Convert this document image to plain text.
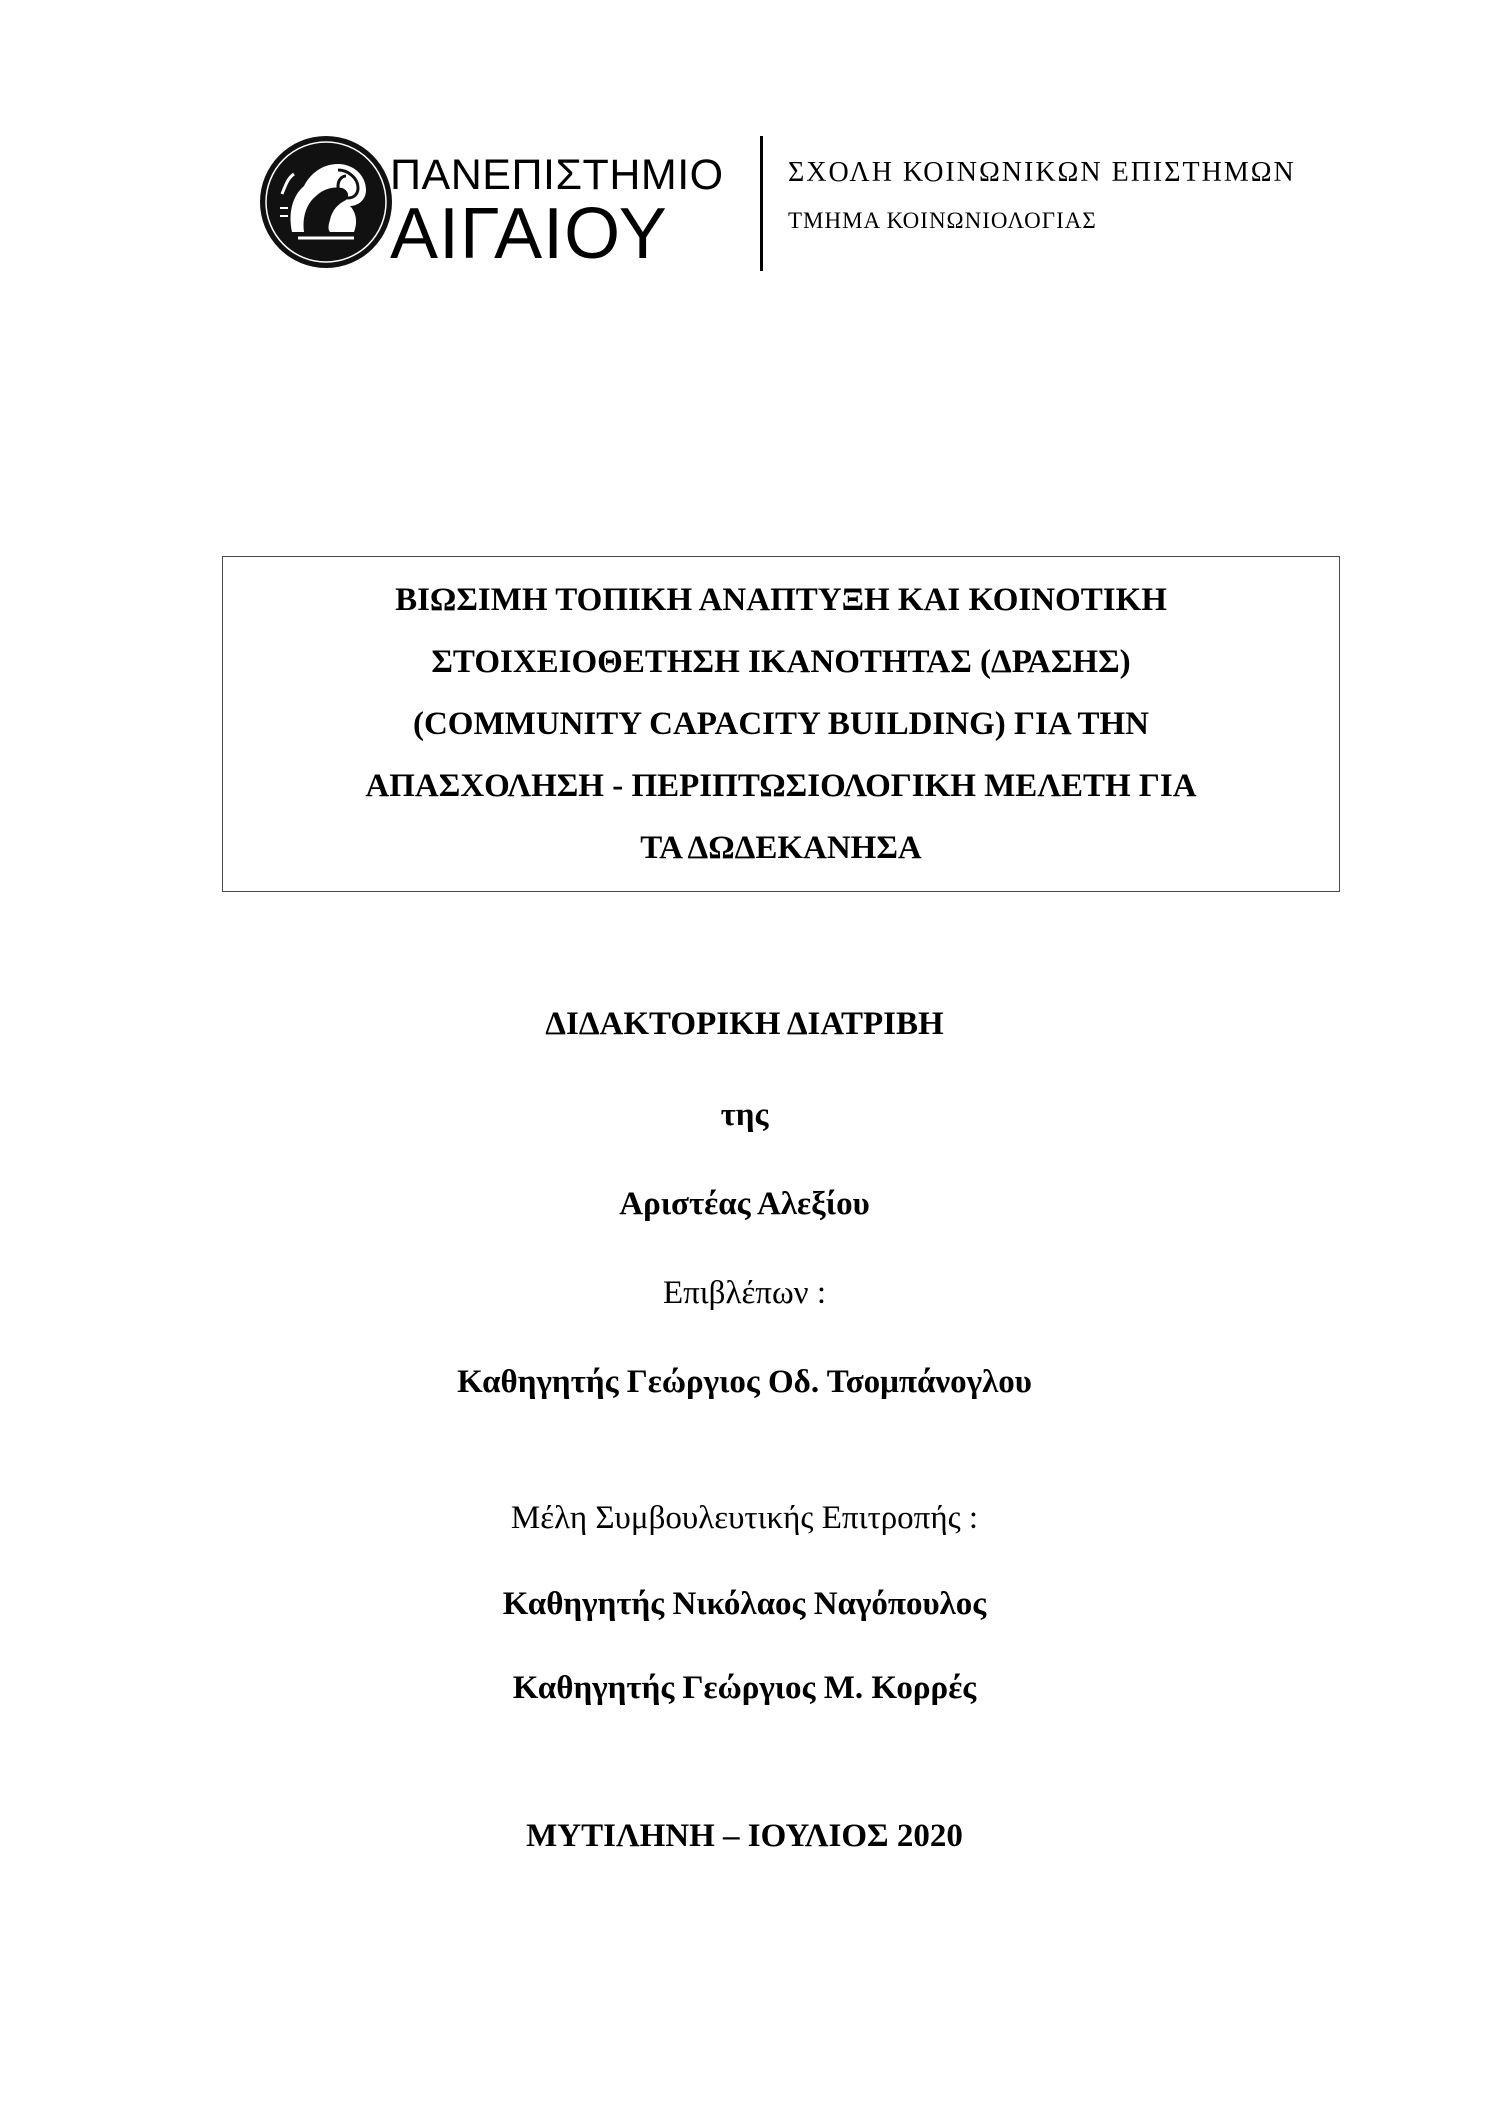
ΠΑΝΕΠΙΣΤΗΜΙΟ
ΑΙΓΑΙΟΥ
ΣΧΟΛΗ ΚΟΙΝΩΝΙΚΩΝ ΕΠΙΣΤΗΜΩΝ
ΤΜΗΜΑ ΚΟΙΝΩΝΙΟΛΟΓΙΑΣ
ΒΙΩΣΙΜΗ ΤΟΠΙΚΗ ΑΝΑΠΤΥΞΗ ΚΑΙ ΚΟΙΝΟΤΙΚΗ
ΣΤΟΙΧΕΙΟΘΕΤΗΣΗ ΙΚΑΝΟΤΗΤΑΣ (ΔΡΑΣΗΣ)
(COMMUNITY CAPACITY BUILDING) ΓΙΑ ΤΗΝ
ΑΠΑΣΧΟΛΗΣΗ - ΠΕΡΙΠΤΩΣΙΟΛΟΓΙΚΗ ΜΕΛΕΤΗ ΓΙΑ
ΤΑ ΔΩΔΕΚΑΝΗΣΑ
ΔΙΔΑΚΤΟΡΙΚΗ ΔΙΑΤΡΙΒΗ
της
Αριστέας Αλεξίου
Επιβλέπων :
Καθηγητής Γεώργιος Οδ. Τσομπάνογλου
Μέλη Συμβουλευτικής Επιτροπής :
Καθηγητής Νικόλαος Ναγόπουλος
Καθηγητής Γεώργιος Μ. Κορρές
ΜΥΤΙΛΗΝΗ – ΙΟΥΛΙΟΣ 2020
